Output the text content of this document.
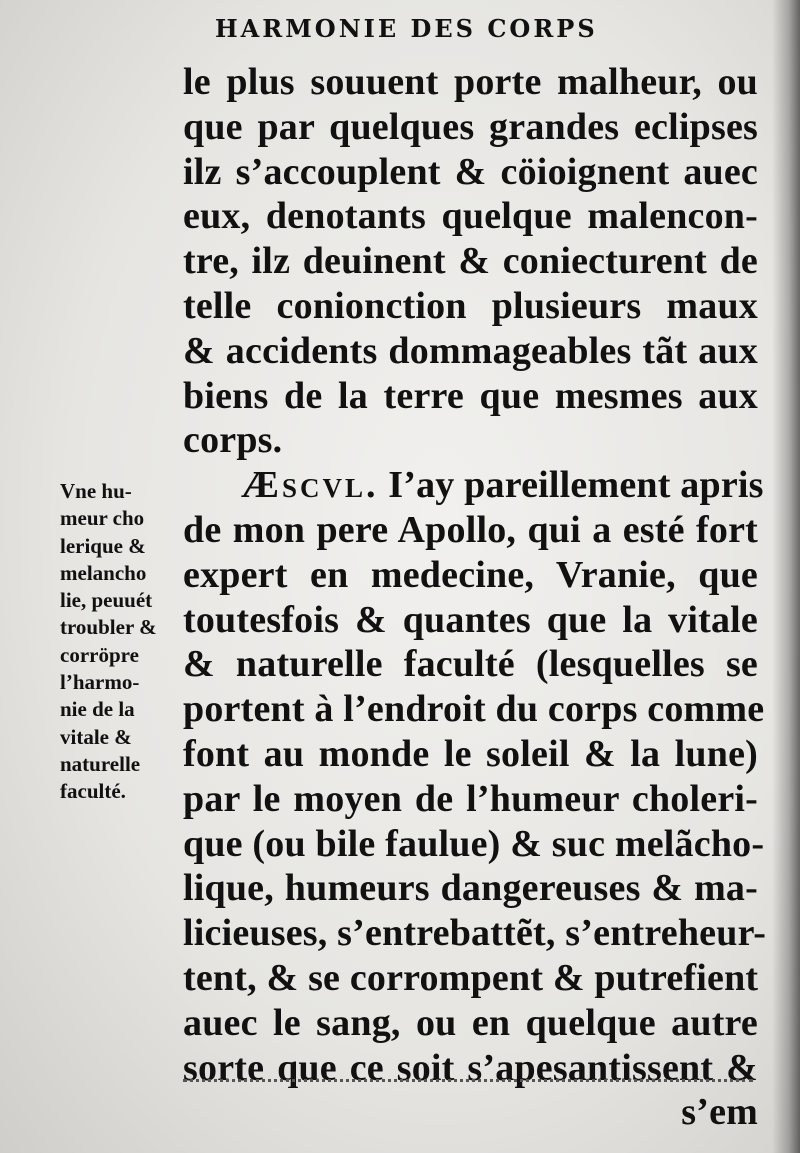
HARMONIE DES CORPS
le plus souuent porte malheur, ou
que par quelques grandes eclipses
ilz s’accouplent & cöioignent auec
eux, denotants quelque malencon-
tre, ilz deuinent & coniecturent de
telle conionction plusieurs maux
& accidents dommageables tãt aux
biens de la terre que mesmes aux
corps.
Æscvl. I’ay pareillement apris
de mon pere Apollo, qui a esté fort
expert en medecine, Vranie, que
toutesfois & quantes que la vitale
& naturelle faculté (lesquelles se
portent à l’endroit du corps comme
font au monde le soleil & la lune)
par le moyen de l’humeur choleri-
que (ou bile faulue) & suc melãcho-
lique, humeurs dangereuses & ma-
licieuses, s’entrebattẽt, s’entreheur-
tent, & se corrompent & putrefient
auec le sang, ou en quelque autre
sorte que ce soit s’apesantissent &
s’em
Vne hu-
meur cho
lerique &
melancho
lie, peuuét
troubler &
corröpre
l’harmo-
nie de la
vitale &
naturelle
faculté.
